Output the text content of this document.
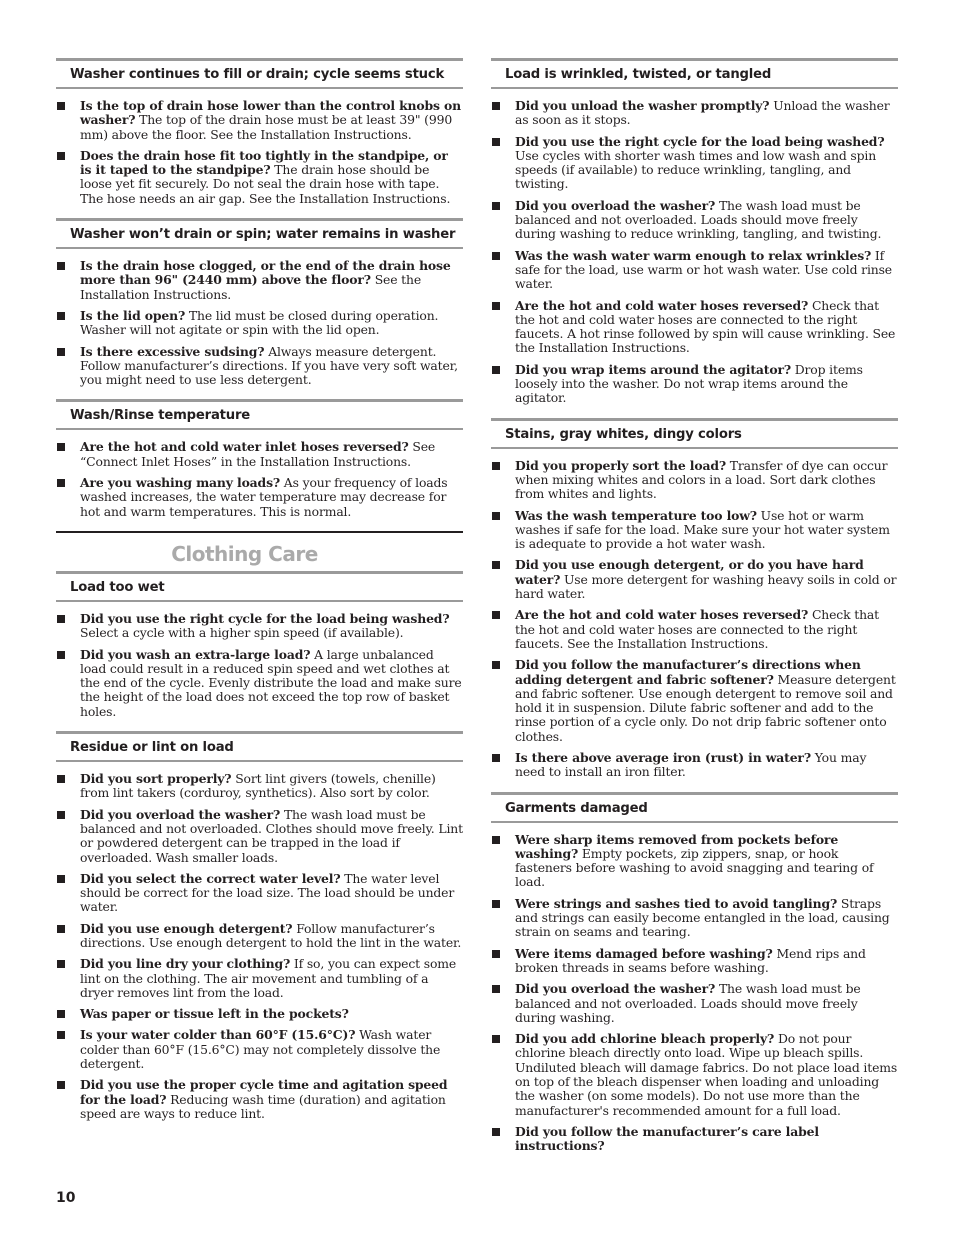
Washer continues to fill or drain; cycle seems stuck
Is the top of drain hose lower than the control knobs on washer? The top of the drain hose must be at least 39" (990 mm) above the floor. See the Installation Instructions.
Does the drain hose fit too tightly in the standpipe, or is it taped to the standpipe? The drain hose should be loose yet fit securely. Do not seal the drain hose with tape. The hose needs an air gap. See the Installation Instructions.
Washer won’t drain or spin; water remains in washer
Is the drain hose clogged, or the end of the drain hose more than 96" (2440 mm) above the floor? See the Installation Instructions.
Is the lid open? The lid must be closed during operation. Washer will not agitate or spin with the lid open.
Is there excessive sudsing? Always measure detergent. Follow manufacturer’s directions. If you have very soft water, you might need to use less detergent.
Wash/Rinse temperature
Are the hot and cold water inlet hoses reversed? See “Connect Inlet Hoses” in the Installation Instructions.
Are you washing many loads? As your frequency of loads washed increases, the water temperature may decrease for hot and warm temperatures. This is normal.
Clothing Care
Load too wet
Did you use the right cycle for the load being washed? Select a cycle with a higher spin speed (if available).
Did you wash an extra-large load? A large unbalanced load could result in a reduced spin speed and wet clothes at the end of the cycle. Evenly distribute the load and make sure the height of the load does not exceed the top row of basket holes.
Residue or lint on load
Did you sort properly? Sort lint givers (towels, chenille) from lint takers (corduroy, synthetics). Also sort by color.
Did you overload the washer? The wash load must be balanced and not overloaded. Clothes should move freely. Lint or powdered detergent can be trapped in the load if overloaded. Wash smaller loads.
Did you select the correct water level? The water level should be correct for the load size. The load should be under water.
Did you use enough detergent? Follow manufacturer’s directions. Use enough detergent to hold the lint in the water.
Did you line dry your clothing? If so, you can expect some lint on the clothing. The air movement and tumbling of a dryer removes lint from the load.
Was paper or tissue left in the pockets?
Is your water colder than 60°F (15.6°C)? Wash water colder than 60°F (15.6°C) may not completely dissolve the detergent.
Did you use the proper cycle time and agitation speed for the load? Reducing wash time (duration) and agitation speed are ways to reduce lint.
Load is wrinkled, twisted, or tangled
Did you unload the washer promptly? Unload the washer as soon as it stops.
Did you use the right cycle for the load being washed? Use cycles with shorter wash times and low wash and spin speeds (if available) to reduce wrinkling, tangling, and twisting.
Did you overload the washer? The wash load must be balanced and not overloaded. Loads should move freely during washing to reduce wrinkling, tangling, and twisting.
Was the wash water warm enough to relax wrinkles? If safe for the load, use warm or hot wash water. Use cold rinse water.
Are the hot and cold water hoses reversed? Check that the hot and cold water hoses are connected to the right faucets. A hot rinse followed by spin will cause wrinkling. See the Installation Instructions.
Did you wrap items around the agitator? Drop items loosely into the washer. Do not wrap items around the agitator.
Stains, gray whites, dingy colors
Did you properly sort the load? Transfer of dye can occur when mixing whites and colors in a load. Sort dark clothes from whites and lights.
Was the wash temperature too low? Use hot or warm washes if safe for the load. Make sure your hot water system is adequate to provide a hot water wash.
Did you use enough detergent, or do you have hard water? Use more detergent for washing heavy soils in cold or hard water.
Are the hot and cold water hoses reversed? Check that the hot and cold water hoses are connected to the right faucets. See the Installation Instructions.
Did you follow the manufacturer’s directions when adding detergent and fabric softener? Measure detergent and fabric softener. Use enough detergent to remove soil and hold it in suspension. Dilute fabric softener and add to the rinse portion of a cycle only. Do not drip fabric softener onto clothes.
Is there above average iron (rust) in water? You may need to install an iron filter.
Garments damaged
Were sharp items removed from pockets before washing? Empty pockets, zip zippers, snap, or hook fasteners before washing to avoid snagging and tearing of load.
Were strings and sashes tied to avoid tangling? Straps and strings can easily become entangled in the load, causing strain on seams and tearing.
Were items damaged before washing? Mend rips and broken threads in seams before washing.
Did you overload the washer? The wash load must be balanced and not overloaded. Loads should move freely during washing.
Did you add chlorine bleach properly? Do not pour chlorine bleach directly onto load. Wipe up bleach spills. Undiluted bleach will damage fabrics. Do not place load items on top of the bleach dispenser when loading and unloading the washer (on some models). Do not use more than the manufacturer's recommended amount for a full load.
Did you follow the manufacturer’s care label instructions?
10
